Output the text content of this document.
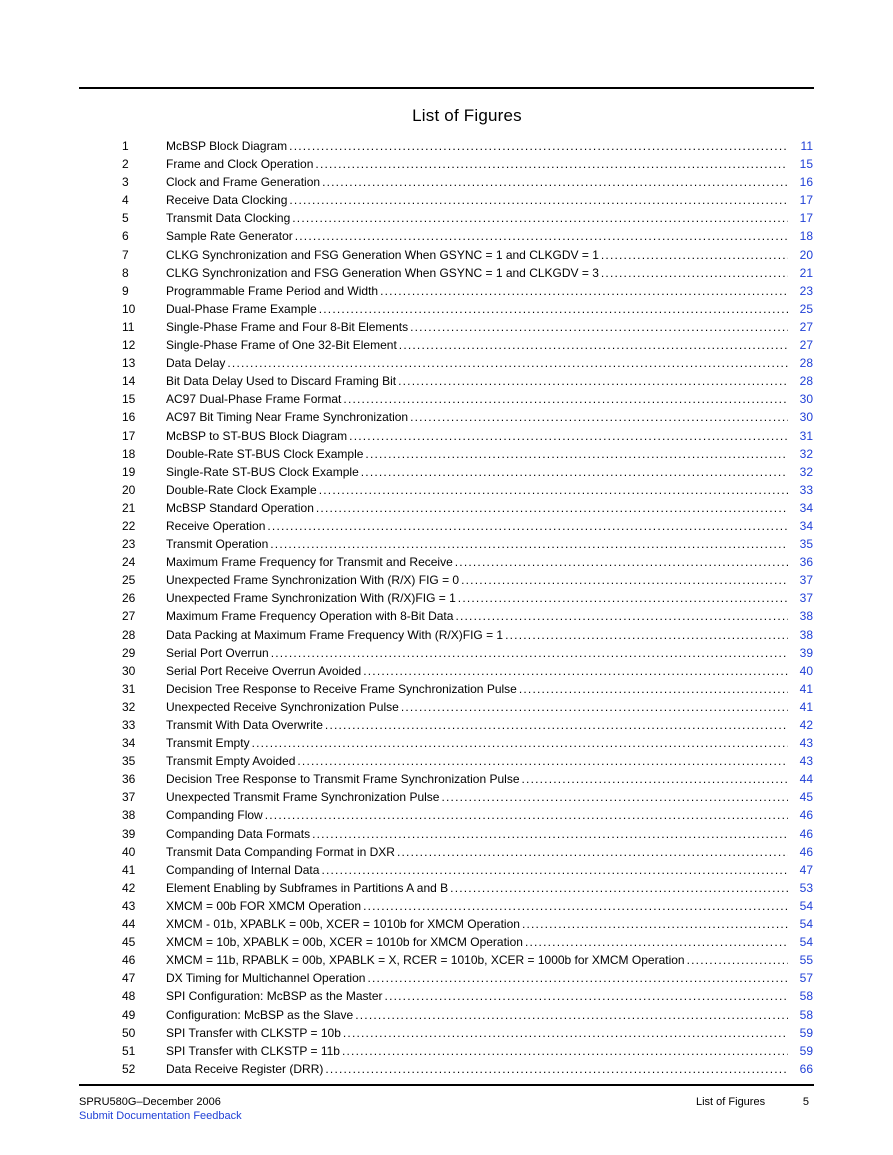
List of Figures
1	McBSP Block Diagram .....	11
2	Frame and Clock Operation .....	15
3	Clock and Frame Generation .....	16
4	Receive Data Clocking .....	17
5	Transmit Data Clocking .....	17
6	Sample Rate Generator .....	18
7	CLKG Synchronization and FSG Generation When GSYNC = 1 and CLKGDV = 1 .....	20
8	CLKG Synchronization and FSG Generation When GSYNC = 1 and CLKGDV = 3 .....	21
9	Programmable Frame Period and Width .....	23
10	Dual-Phase Frame Example .....	25
11	Single-Phase Frame and Four 8-Bit Elements .....	27
12	Single-Phase Frame of One 32-Bit Element .....	27
13	Data Delay .....	28
14	Bit Data Delay Used to Discard Framing Bit .....	28
15	AC97 Dual-Phase Frame Format .....	30
16	AC97 Bit Timing Near Frame Synchronization .....	30
17	McBSP to ST-BUS Block Diagram .....	31
18	Double-Rate ST-BUS Clock Example .....	32
19	Single-Rate ST-BUS Clock Example .....	32
20	Double-Rate Clock Example .....	33
21	McBSP Standard Operation .....	34
22	Receive Operation .....	34
23	Transmit Operation .....	35
24	Maximum Frame Frequency for Transmit and Receive .....	36
25	Unexpected Frame Synchronization With (R/X) FIG = 0 .....	37
26	Unexpected Frame Synchronization With (R/X)FIG = 1 .....	37
27	Maximum Frame Frequency Operation with 8-Bit Data .....	38
28	Data Packing at Maximum Frame Frequency With (R/X)FIG = 1 .....	38
29	Serial Port Overrun .....	39
30	Serial Port Receive Overrun Avoided .....	40
31	Decision Tree Response to Receive Frame Synchronization Pulse .....	41
32	Unexpected Receive Synchronization Pulse .....	41
33	Transmit With Data Overwrite .....	42
34	Transmit Empty .....	43
35	Transmit Empty Avoided .....	43
36	Decision Tree Response to Transmit Frame Synchronization Pulse .....	44
37	Unexpected Transmit Frame Synchronization Pulse .....	45
38	Companding Flow .....	46
39	Companding Data Formats .....	46
40	Transmit Data Companding Format in DXR .....	46
41	Companding of Internal Data .....	47
42	Element Enabling by Subframes in Partitions A and B .....	53
43	XMCM = 00b FOR XMCM Operation .....	54
44	XMCM - 01b, XPABLK = 00b, XCER = 1010b for XMCM Operation .....	54
45	XMCM = 10b, XPABLK = 00b, XCER = 1010b for XMCM Operation .....	54
46	XMCM = 11b, RPABLK = 00b, XPABLK = X, RCER = 1010b, XCER = 1000b for XMCM Operation .....	55
47	DX Timing for Multichannel Operation .....	57
48	SPI Configuration: McBSP as the Master .....	58
49	Configuration: McBSP as the Slave .....	58
50	SPI Transfer with CLKSTP = 10b .....	59
51	SPI Transfer with CLKSTP = 11b .....	59
52	Data Receive Register (DRR) .....	66
SPRU580G–December 2006
Submit Documentation Feedback
List of Figures	5
